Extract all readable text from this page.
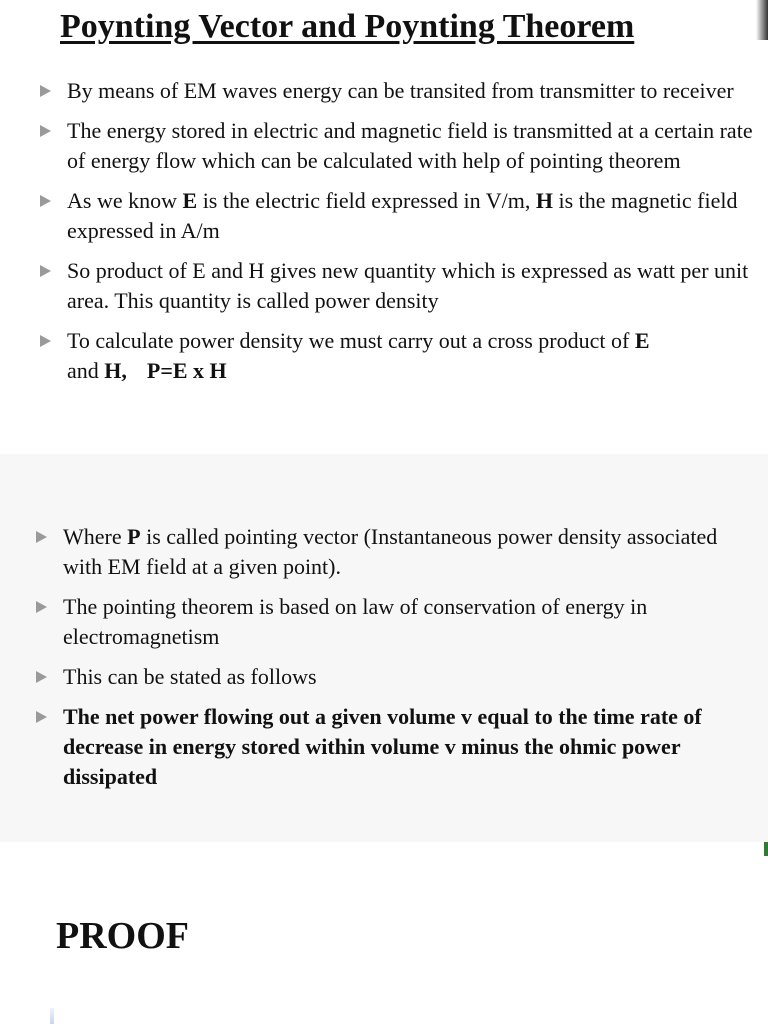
Poynting Vector and Poynting Theorem
By means of EM waves energy can be transited from transmitter to receiver
The energy stored in electric and magnetic field is transmitted at a certain rate of energy flow which can be calculated with help of pointing theorem
As we know E is the electric field expressed in V/m, H is the magnetic field expressed in A/m
So product of E and H gives new quantity which is expressed as watt per unit area. This quantity is called power density
To calculate power density we must carry out a cross product of E
and H, P=E x H
Where P is called pointing vector (Instantaneous power density associated with EM field at a given point).
The pointing theorem is based on law of conservation of energy in electromagnetism
This can be stated as follows
The net power flowing out a given volume v equal to the time rate of decrease in energy stored within volume v minus the ohmic power dissipated
PROOF
